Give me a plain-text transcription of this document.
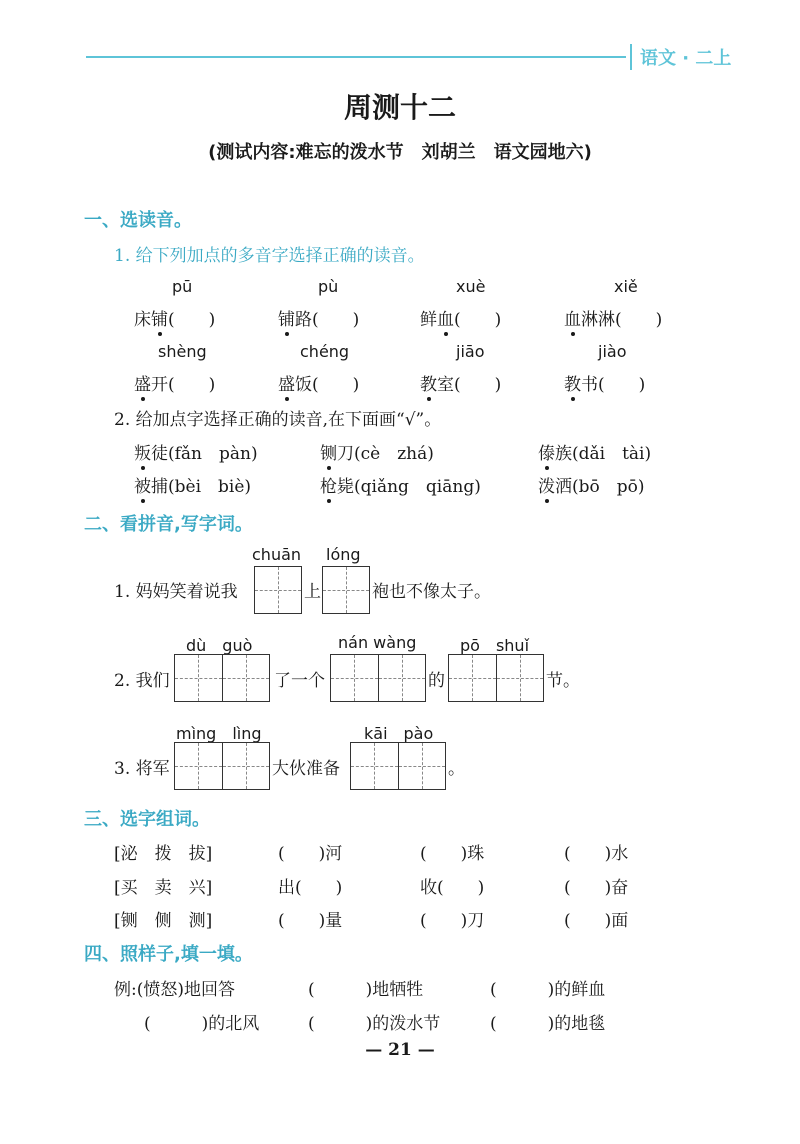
语文 · 二上
周测十二
(测试内容:难忘的泼水节　刘胡兰　语文园地六)
一、选读音。
1. 给下列加点的多音字选择正确的读音。
pū	pù	xuè	xiě
床铺(　　)	铺路(　　)	鲜血(　　)	血淋淋(　　)
shèng	chéng	jiāo	jiào
盛开(　　)	盛饭(　　)	教室(　　)	教书(　　)
2. 给加点字选择正确的读音,在下面画“√”。
叛徒(fǎn　pàn)	铡刀(cè　zhá)	傣族(dǎi　tài)
被捕(bèi　biè)	枪毙(qiǎng　qiāng)	泼洒(bō　pō)
二、看拼音,写字词。
chuān lóng
1. 妈妈笑着说我	上	袍也不像太子。
dù　guò	nán wàng	pō　shuǐ
2. 我们	了一个	的	节。
mìng　lìng	kāi　pào
3. 将军	大伙准备	。
三、选字组词。
[泌　拨　拔]	(　　)河	(　　)珠	(　　)水
[买　卖　兴]	出(　　)	收(　　)	(　　)奋
[铡　侧　测]	(　　)量	(　　)刀	(　　)面
四、照样子,填一填。
例:(愤怒)地回答	(　　　)地牺牲	(　　　)的鲜血
(　　　)的北风	(　　　)的泼水节	(　　　)的地毯
— 21 —
